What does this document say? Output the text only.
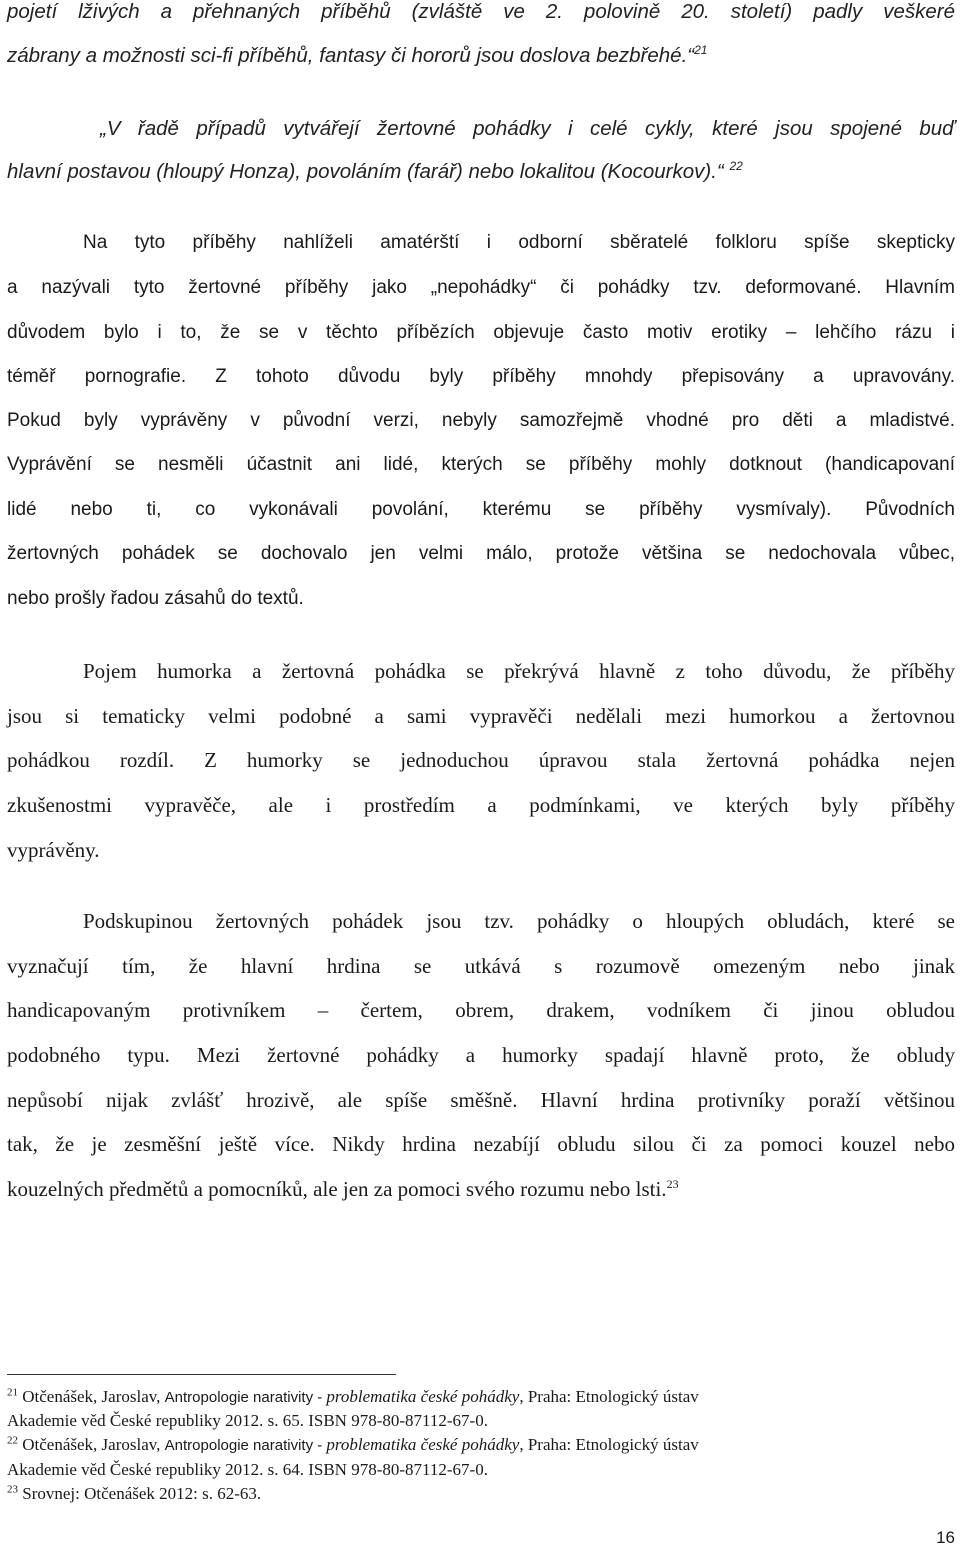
pojetí lživých a přehnaných příběhů (zvláště ve 2. polovině 20. století) padly veškeré
zábrany a možnosti sci-fi příběhů, fantasy či hororů jsou doslova bezbřehé.“$^{21}$
„V řadě případů vytvářejí žertovné pohádky i celé cykly, které jsou spojené buď
hlavní postavou (hloupý Honza), povoláním (farář) nebo lokalitou (Kocourkov).“ $^{22}$
Na tyto příběhy nahlíželi amatérští i odborní sběratelé folkloru spíše skepticky
a nazývali tyto žertovné příběhy jako „nepohádky“ či pohádky tzv. deformované. Hlavním
důvodem bylo i to, že se v těchto příbězích objevuje často motiv erotiky – lehčího rázu i
téměř pornografie. Z tohoto důvodu byly příběhy mnohdy přepisovány a upravovány.
Pokud byly vyprávěny v původní verzi, nebyly samozřejmě vhodné pro děti a mladistvé.
Vyprávění se nesměli účastnit ani lidé, kterých se příběhy mohly dotknout (handicapovaní
lidé nebo ti, co vykonávali povolání, kterému se příběhy vysmívaly). Původních
žertovných pohádek se dochovalo jen velmi málo, protože většina se nedochovala vůbec,
nebo prošly řadou zásahů do textů.
Pojem humorka a žertovná pohádka se překrývá hlavně z toho důvodu, že příběhy
jsou si tematicky velmi podobné a sami vypravěči nedělali mezi humorkou a žertovnou
pohádkou rozdíl. Z humorky se jednoduchou úpravou stala žertovná pohádka nejen
zkušenostmi vypravěče, ale i prostředím a podmínkami, ve kterých byly příběhy
vyprávěny.
Podskupinou žertovných pohádek jsou tzv. pohádky o hloupých obludách, které se
vyznačují tím, že hlavní hrdina se utkává s rozumově omezeným nebo jinak
handicapovaným protivníkem – čertem, obrem, drakem, vodníkem či jinou obludou
podobného typu. Mezi žertovné pohádky a humorky spadají hlavně proto, že obludy
nepůsobí nijak zvlášť hrozivě, ale spíše směšně. Hlavní hrdina protivníky poraží většinou
tak, že je zesměšní ještě více. Nikdy hrdina nezabíjí obludu silou či za pomoci kouzel nebo
kouzelných předmětů a pomocníků, ale jen za pomoci svého rozumu nebo lsti.$^{23}$
$^{21}$ Otčenášek, Jaroslav, Antropologie narativity - problematika české pohádky, Praha: Etnologický ústav
Akademie věd České republiky 2012. s. 65. ISBN 978-80-87112-67-0.
$^{22}$ Otčenášek, Jaroslav, Antropologie narativity - problematika české pohádky, Praha: Etnologický ústav
Akademie věd České republiky 2012. s. 64. ISBN 978-80-87112-67-0.
$^{23}$ Srovnej: Otčenášek 2012: s. 62-63.
16
